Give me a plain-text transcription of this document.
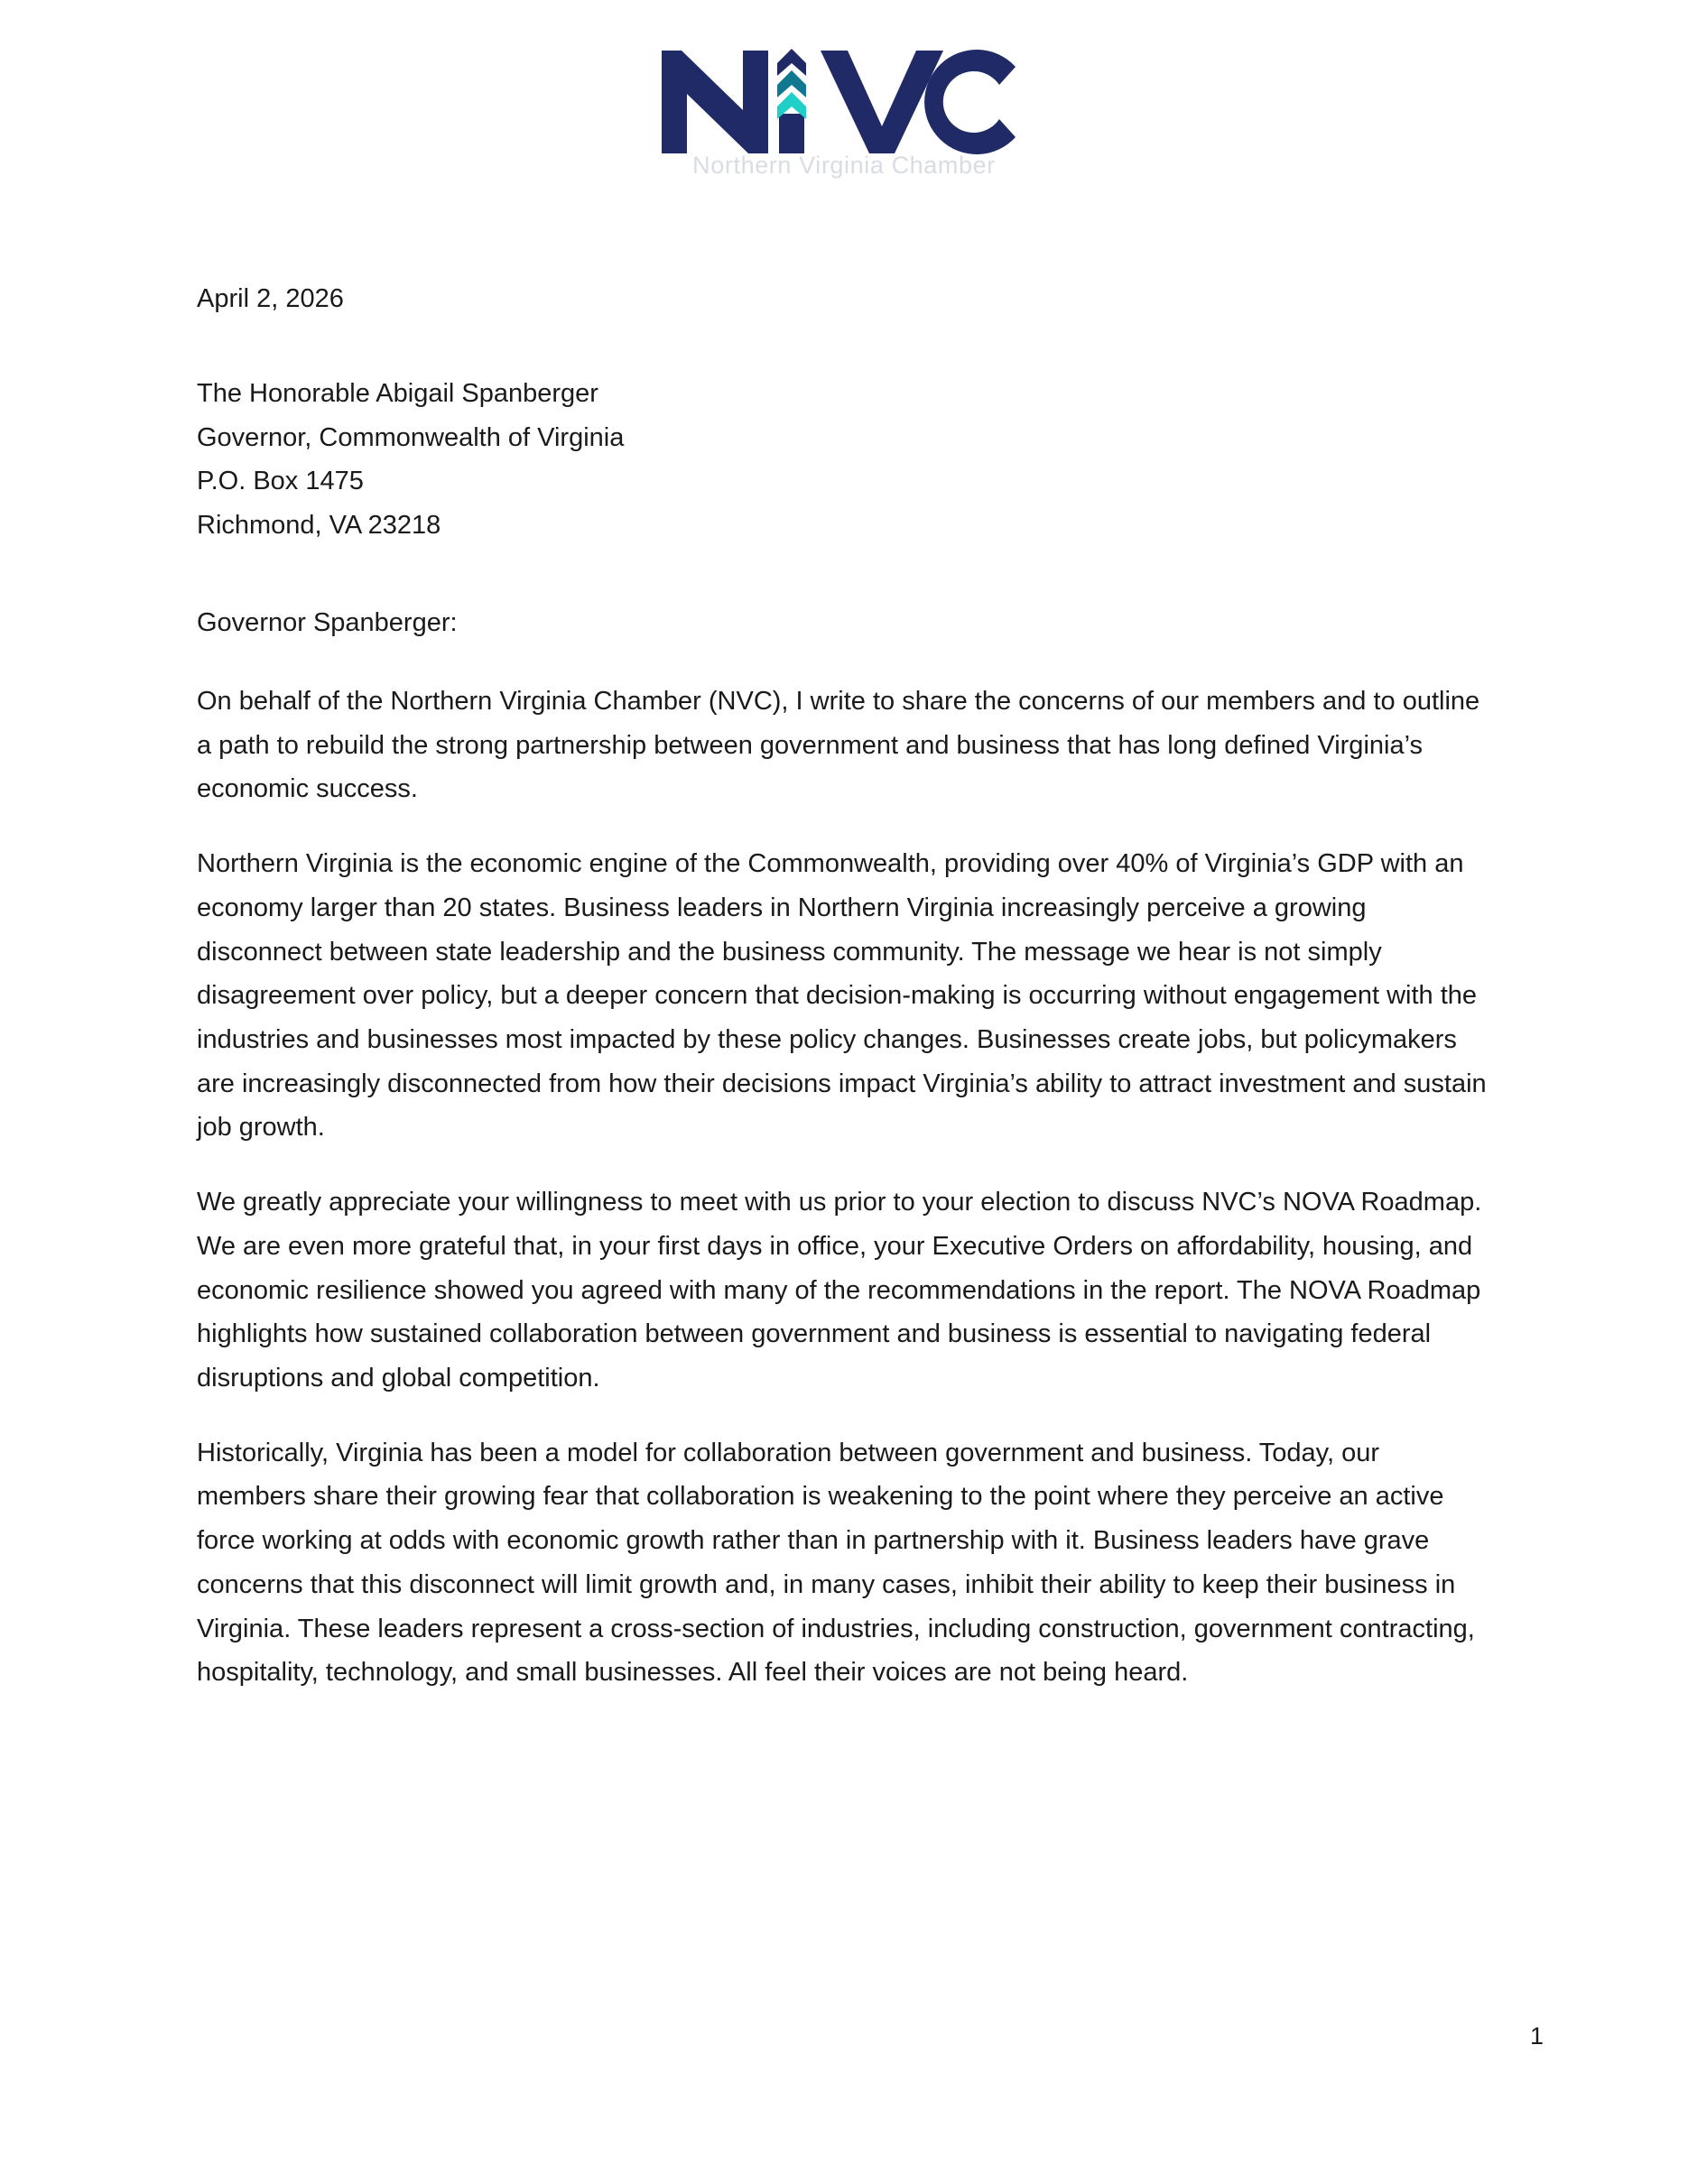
Northern Virginia Chamber
April 2, 2026
The Honorable Abigail Spanberger
Governor, Commonwealth of Virginia
P.O. Box 1475
Richmond, VA 23218
Governor Spanberger:

On behalf of the Northern Virginia Chamber (NVC), I write to share the concerns of our members and to outline a path to rebuild the strong partnership between government and business that has long defined Virginia’s economic success.

Northern Virginia is the economic engine of the Commonwealth, providing over 40% of Virginia’s GDP with an economy larger than 20 states. Business leaders in Northern Virginia increasingly perceive a growing disconnect between state leadership and the business community. The message we hear is not simply disagreement over policy, but a deeper concern that decision-making is occurring without engagement with the industries and businesses most impacted by these policy changes. Businesses create jobs, but policymakers are increasingly disconnected from how their decisions impact Virginia’s ability to attract investment and sustain job growth.

We greatly appreciate your willingness to meet with us prior to your election to discuss NVC’s NOVA Roadmap. We are even more grateful that, in your first days in office, your Executive Orders on affordability, housing, and economic resilience showed you agreed with many of the recommendations in the report. The NOVA Roadmap highlights how sustained collaboration between government and business is essential to navigating federal disruptions and global competition.

Historically, Virginia has been a model for collaboration between government and business. Today, our members share their growing fear that collaboration is weakening to the point where they perceive an active force working at odds with economic growth rather than in partnership with it. Business leaders have grave concerns that this disconnect will limit growth and, in many cases, inhibit their ability to keep their business in Virginia. These leaders represent a cross-section of industries, including construction, government contracting, hospitality, technology, and small businesses. All feel their voices are not being heard.

1
